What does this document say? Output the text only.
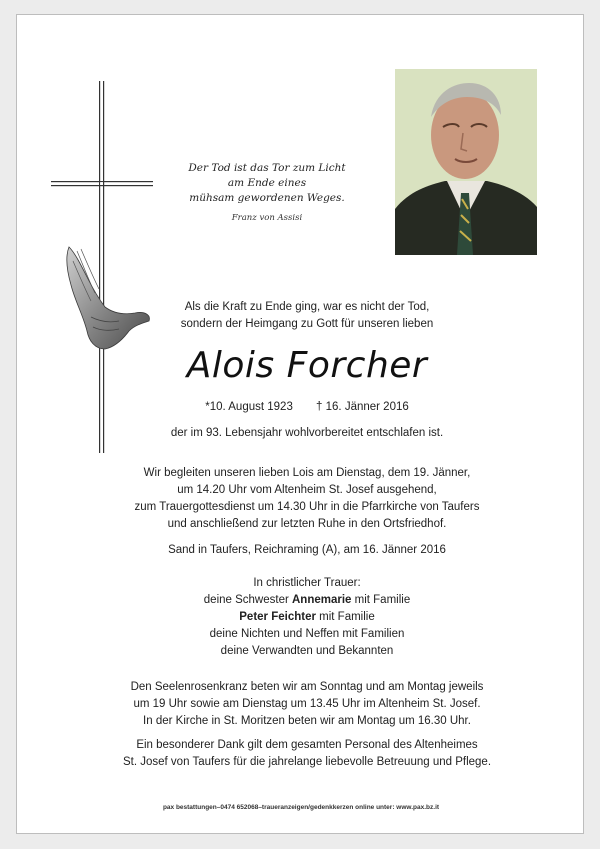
Der Tod ist das Tor zum Licht
am Ende eines
mühsam gewordenen Weges.
Franz von Assisi
Als die Kraft zu Ende ging, war es nicht der Tod,
sondern der Heimgang zu Gott für unseren lieben
Alois Forcher
*10. August 1923 † 16. Jänner 2016
der im 93. Lebensjahr wohlvorbereitet entschlafen ist.
Wir begleiten unseren lieben Lois am Dienstag, dem 19. Jänner,
um 14.20 Uhr vom Altenheim St. Josef ausgehend,
zum Trauergottesdienst um 14.30 Uhr in die Pfarrkirche von Taufers
und anschließend zur letzten Ruhe in den Ortsfriedhof.
Sand in Taufers, Reichraming (A), am 16. Jänner 2016
In christlicher Trauer:
deine Schwester Annemarie mit Familie
Peter Feichter mit Familie
deine Nichten und Neffen mit Familien
deine Verwandten und Bekannten
Den Seelenrosenkranz beten wir am Sonntag und am Montag jeweils
um 19 Uhr sowie am Dienstag um 13.45 Uhr im Altenheim St. Josef.
In der Kirche in St. Moritzen beten wir am Montag um 16.30 Uhr.
Ein besonderer Dank gilt dem gesamten Personal des Altenheimes
St. Josef von Taufers für die jahrelange liebevolle Betreuung und Pflege.
pax bestattungen–0474 652068–traueranzeigen/gedenkkerzen online unter: www.pax.bz.it
